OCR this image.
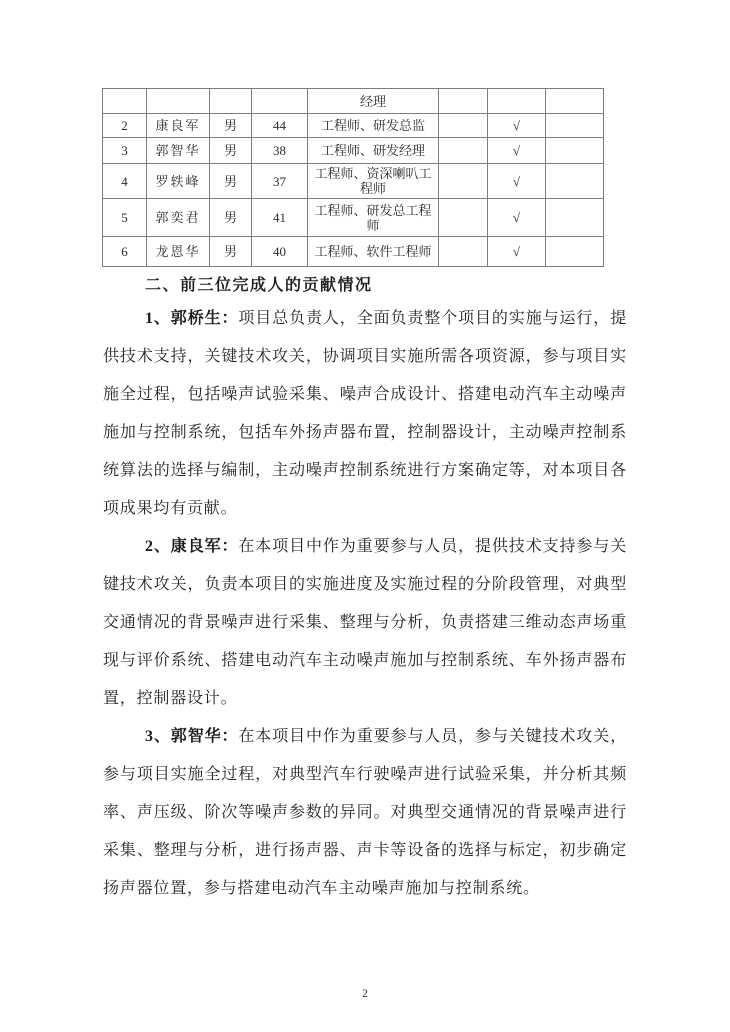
				经理			
2	康良军	男	44	工程师、研发总监		√	
3	郭智华	男	38	工程师、研发经理		√	
4	罗轶峰	男	37	工程师、资深喇叭工程师		√	
5	郭奕君	男	41	工程师、研发总工程师		√	
6	龙恩华	男	40	工程师、软件工程师		√	
二、前三位完成人的贡献情况

1、郭桥生：项目总负责人，全面负责整个项目的实施与运行，提供技术支持，关键技术攻关，协调项目实施所需各项资源，参与项目实施全过程，包括噪声试验采集、噪声合成设计、搭建电动汽车主动噪声施加与控制系统，包括车外扬声器布置，控制器设计，主动噪声控制系统算法的选择与编制，主动噪声控制系统进行方案确定等，对本项目各项成果均有贡献。

2、康良军：在本项目中作为重要参与人员，提供技术支持参与关键技术攻关，负责本项目的实施进度及实施过程的分阶段管理，对典型交通情况的背景噪声进行采集、整理与分析，负责搭建三维动态声场重现与评价系统、搭建电动汽车主动噪声施加与控制系统、车外扬声器布置，控制器设计。

3、郭智华：在本项目中作为重要参与人员，参与关键技术攻关，参与项目实施全过程，对典型汽车行驶噪声进行试验采集，并分析其频率、声压级、阶次等噪声参数的异同。对典型交通情况的背景噪声进行采集、整理与分析，进行扬声器、声卡等设备的选择与标定，初步确定扬声器位置，参与搭建电动汽车主动噪声施加与控制系统。

2
